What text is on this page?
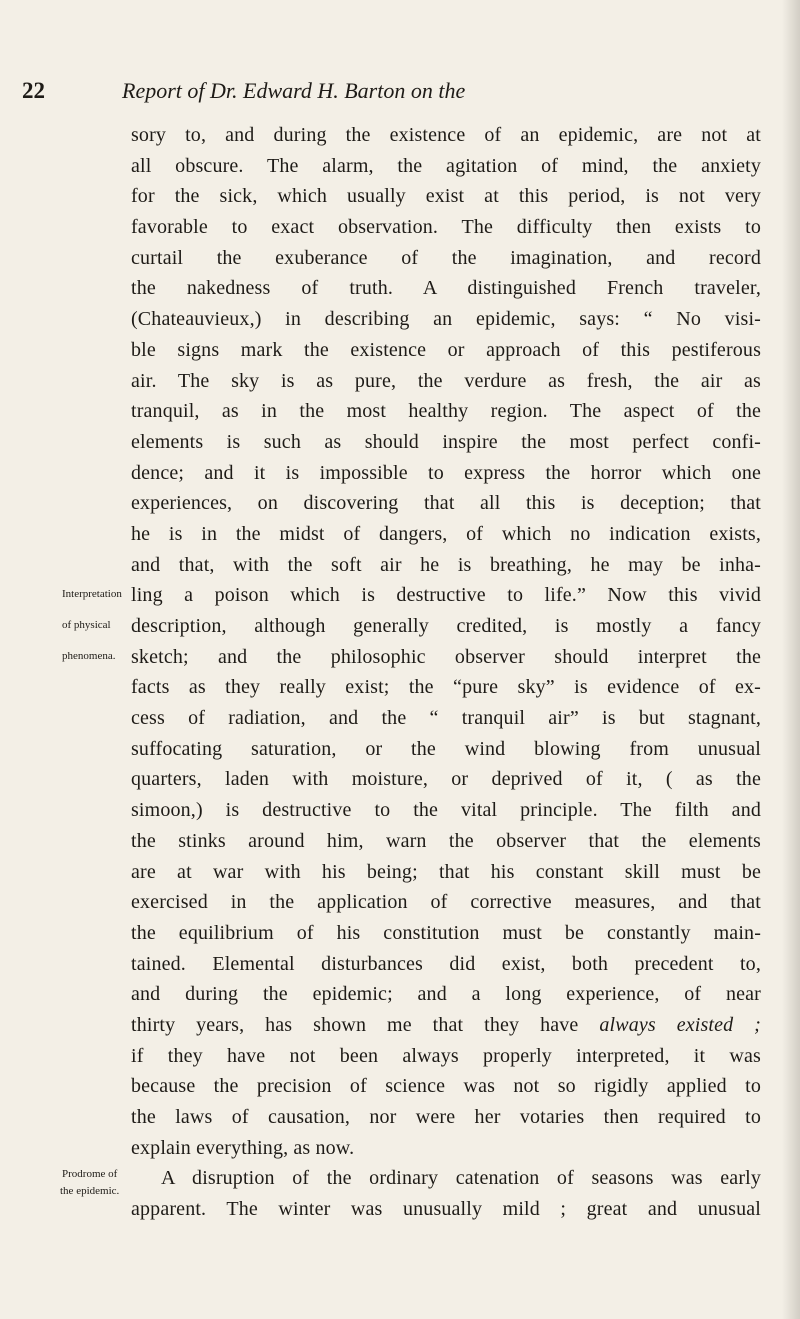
22	Report of Dr. Edward H. Barton on the
sory to, and during the existence of an epidemic, are not at
all obscure. The alarm, the agitation of mind, the anxiety
for the sick, which usually exist at this period, is not very
favorable to exact observation. The difficulty then exists to
curtail the exuberance of the imagination, and record
the nakedness of truth. A distinguished French traveler,
(Chateauvieux,) in describing an epidemic, says: “ No visi-
ble signs mark the existence or approach of this pestiferous
air. The sky is as pure, the verdure as fresh, the air as
tranquil, as in the most healthy region. The aspect of the
elements is such as should inspire the most perfect confi-
dence; and it is impossible to express the horror which one
experiences, on discovering that all this is deception; that
he is in the midst of dangers, of which no indication exists,
and that, with the soft air he is breathing, he may be inha-
ling a poison which is destructive to life.” Now this vivid
description, although generally credited, is mostly a fancy
sketch; and the philosophic observer should interpret the
facts as they really exist; the “pure sky” is evidence of ex-
cess of radiation, and the “ tranquil air” is but stagnant,
suffocating saturation, or the wind blowing from unusual
quarters, laden with moisture, or deprived of it, ( as the
simoon,) is destructive to the vital principle. The filth and
the stinks around him, warn the observer that the elements
are at war with his being; that his constant skill must be
exercised in the application of corrective measures, and that
the equilibrium of his constitution must be constantly main-
tained. Elemental disturbances did exist, both precedent to,
and during the epidemic; and a long experience, of near
thirty years, has shown me that they have always existed ;
if they have not been always properly interpreted, it was
because the precision of science was not so rigidly applied to
the laws of causation, nor were her votaries then required to
explain everything, as now.
A disruption of the ordinary catenation of seasons was early
apparent. The winter was unusually mild ; great and unusual
Interpretation
of physical
phenomena.
Prodrome of
the epidemic.
